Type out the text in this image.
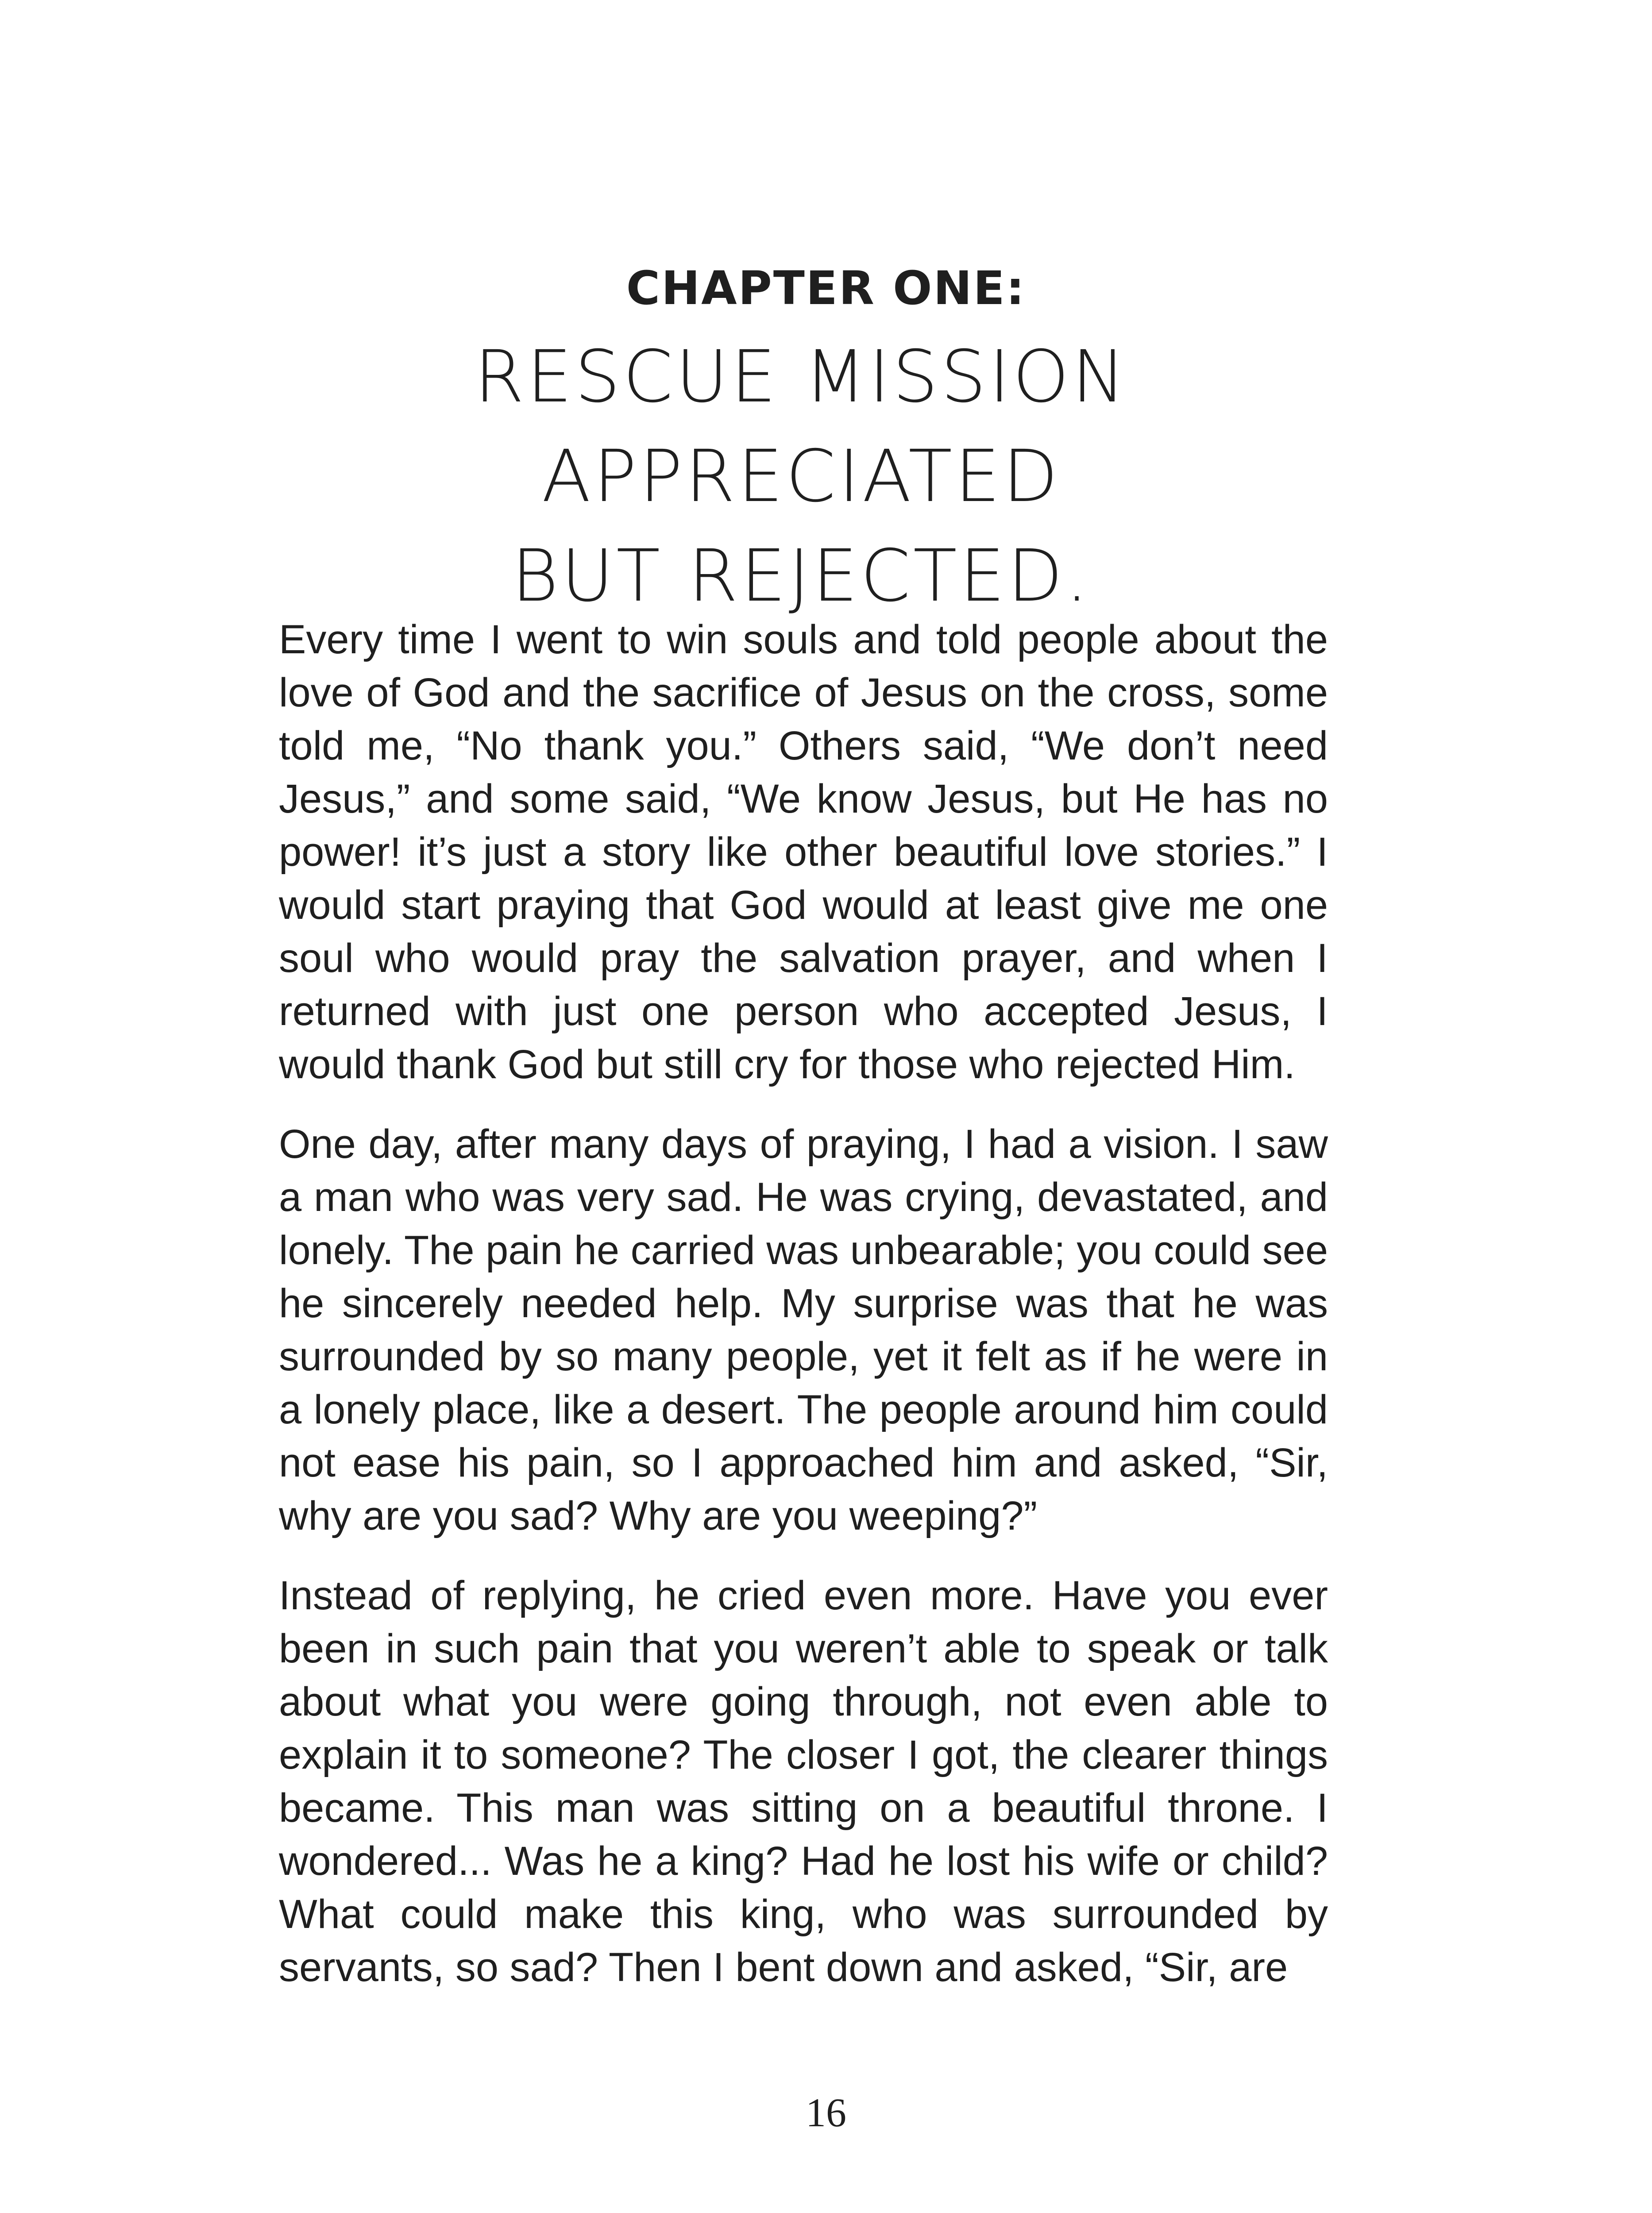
CHAPTER ONE:
RESCUE MISSION APPRECIATED
BUT REJECTED.

Every time I went to win souls and told people about the love of God and the sacrifice of Jesus on the cross, some told me, “No thank you.” Others said, “We don’t need Jesus,” and some said, “We know Jesus, but He has no power! it’s just a story like other beautiful love stories.” I would start praying that God would at least give me one soul who would pray the salvation prayer, and when I returned with just one person who accepted Jesus, I would thank God but still cry for those who rejected Him.

One day, after many days of praying, I had a vision. I saw a man who was very sad. He was crying, devastated, and lonely. The pain he carried was unbearable; you could see he sincerely needed help. My surprise was that he was surrounded by so many people, yet it felt as if he were in a lonely place, like a desert. The people around him could not ease his pain, so I approached him and asked, “Sir, why are you sad? Why are you weeping?”

Instead of replying, he cried even more. Have you ever been in such pain that you weren’t able to speak or talk about what you were going through, not even able to explain it to someone? The closer I got, the clearer things became. This man was sitting on a beautiful throne. I wondered... Was he a king? Had he lost his wife or child? What could make this king, who was surrounded by servants, so sad? Then I bent down and asked, “Sir, are

16
